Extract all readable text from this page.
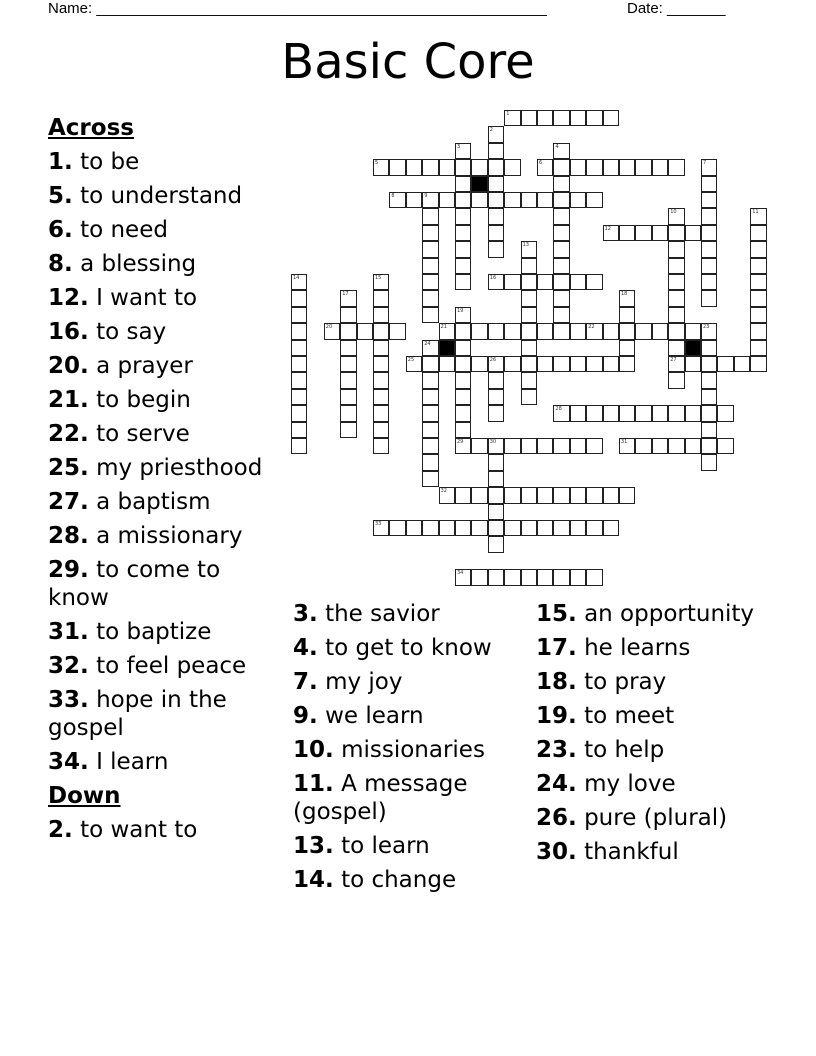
Name: ______________________________________________________	Date: _______
Basic Core
1
5	6
8	9
12
16
20	21	22	23
25	26	27
28
29	30	31
32
33
34
2
3	4
7
10	11
13
14	15
17	18
19
24
Across
1. to be
5. to understand
6. to need
8. a blessing
12. I want to
16. to say
20. a prayer
21. to begin
22. to serve
25. my priesthood
27. a baptism
28. a missionary
29. to come to know
31. to baptize
32. to feel peace
33. hope in the gospel
34. I learn
Down
2. to want to
3. the savior
4. to get to know
7. my joy
9. we learn
10. missionaries
11. A message (gospel)
13. to learn
14. to change
15. an opportunity
17. he learns
18. to pray
19. to meet
23. to help
24. my love
26. pure (plural)
30. thankful
